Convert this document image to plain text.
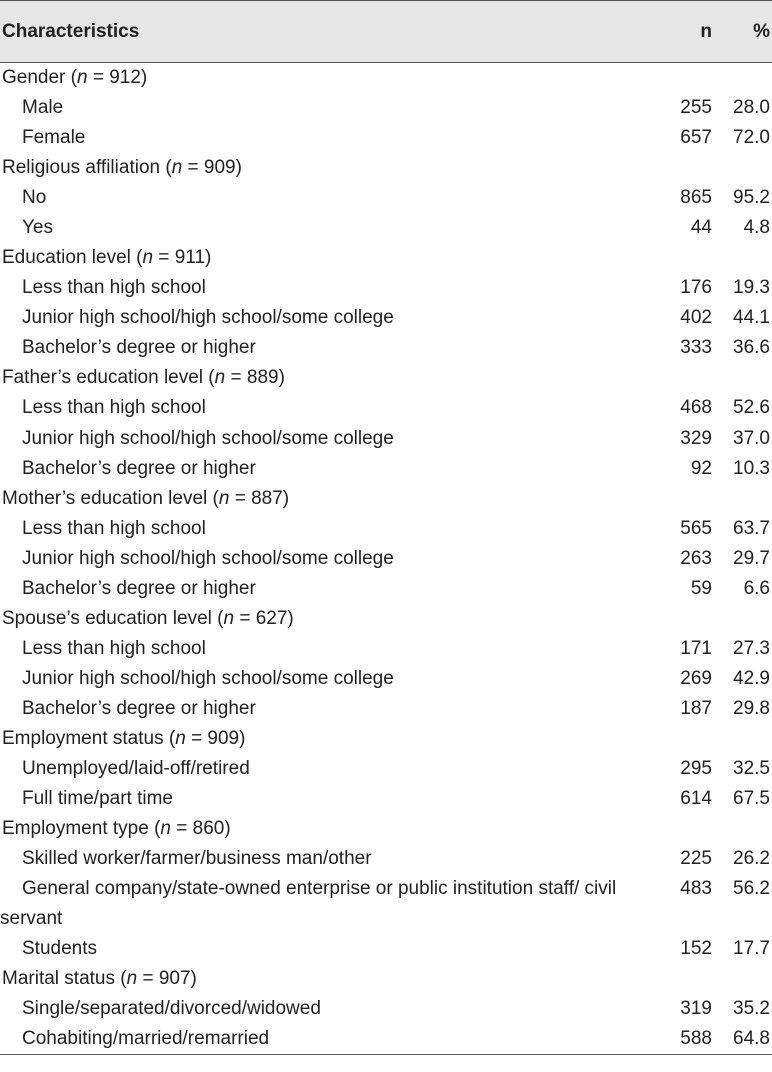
Characteristics	n	%
Gender (n = 912)		
Male	255	28.0
Female	657	72.0
Religious affiliation (n = 909)		
No	865	95.2
Yes	44	4.8
Education level (n = 911)		
Less than high school	176	19.3
Junior high school/high school/some college	402	44.1
Bachelor’s degree or higher	333	36.6
Father’s education level (n = 889)		
Less than high school	468	52.6
Junior high school/high school/some college	329	37.0
Bachelor’s degree or higher	92	10.3
Mother’s education level (n = 887)		
Less than high school	565	63.7
Junior high school/high school/some college	263	29.7
Bachelor’s degree or higher	59	6.6
Spouse’s education level (n = 627)		
Less than high school	171	27.3
Junior high school/high school/some college	269	42.9
Bachelor’s degree or higher	187	29.8
Employment status (n = 909)		
Unemployed/laid-off/retired	295	32.5
Full time/part time	614	67.5
Employment type (n = 860)		
Skilled worker/farmer/business man/other	225	26.2
General company/state-owned enterprise or public institution staff/ civil servant	483	56.2
Students	152	17.7
Marital status (n = 907)		
Single/separated/divorced/widowed	319	35.2
Cohabiting/married/remarried	588	64.8
